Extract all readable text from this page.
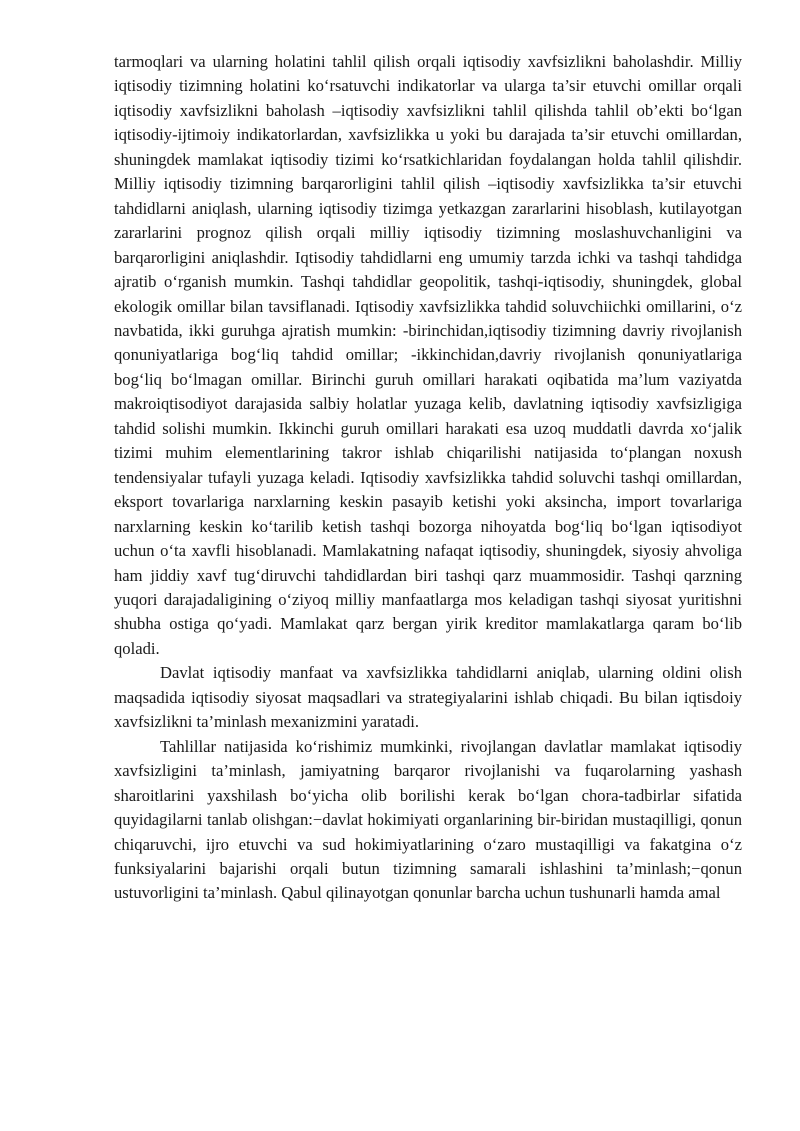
tarmoqlari va ularning holatini tahlil qilish orqali iqtisodiy xavfsizlikni baholashdir. Milliy iqtisodiy tizimning holatini ko‘rsatuvchi indikatorlar va ularga ta’sir etuvchi omillar orqali iqtisodiy xavfsizlikni baholash –iqtisodiy xavfsizlikni tahlil qilishda tahlil ob’ekti bo‘lgan iqtisodiy-ijtimoiy indikatorlardan, xavfsizlikka u yoki bu darajada ta’sir etuvchi omillardan, shuningdek mamlakat iqtisodiy tizimi ko‘rsatkichlaridan foydalangan holda tahlil qilishdir. Milliy iqtisodiy tizimning barqarorligini tahlil qilish –iqtisodiy xavfsizlikka ta’sir etuvchi tahdidlarni aniqlash, ularning iqtisodiy tizimga yetkazgan zararlarini hisoblash, kutilayotgan zararlarini prognoz qilish orqali milliy iqtisodiy tizimning moslashuvchanligini va barqarorligini aniqlashdir. Iqtisodiy tahdidlarni eng umumiy tarzda ichki va tashqi tahdidga ajratib o‘rganish mumkin. Tashqi tahdidlar geopolitik, tashqi-iqtisodiy, shuningdek, global ekologik omillar bilan tavsiflanadi. Iqtisodiy xavfsizlikka tahdid soluvchiichki omillarini, o‘z navbatida, ikki guruhga ajratish mumkin: -birinchidan,iqtisodiy tizimning davriy rivojlanish qonuniyatlariga bog‘liq tahdid omillar; -ikkinchidan,davriy rivojlanish qonuniyatlariga bog‘liq bo‘lmagan omillar. Birinchi guruh omillari harakati oqibatida ma’lum vaziyatda makroiqtisodiyot darajasida salbiy holatlar yuzaga kelib, davlatning iqtisodiy xavfsizligiga tahdid solishi mumkin. Ikkinchi guruh omillari harakati esa uzoq muddatli davrda xo‘jalik tizimi muhim elementlarining takror ishlab chiqarilishi natijasida to‘plangan noxush tendensiyalar tufayli yuzaga keladi. Iqtisodiy xavfsizlikka tahdid soluvchi tashqi omillardan, eksport tovarlariga narxlarning keskin pasayib ketishi yoki aksincha, import tovarlariga narxlarning keskin ko‘tarilib ketish tashqi bozorga nihoyatda bog‘liq bo‘lgan iqtisodiyot uchun o‘ta xavfli hisoblanadi. Mamlakatning nafaqat iqtisodiy, shuningdek, siyosiy ahvoliga ham jiddiy xavf tug‘diruvchi tahdidlardan biri tashqi qarz muammosidir. Tashqi qarzning yuqori darajadaligining o‘ziyoq milliy manfaatlarga mos keladigan tashqi siyosat yuritishni shubha ostiga qo‘yadi. Mamlakat qarz bergan yirik kreditor mamlakatlarga qaram bo‘lib qoladi.

Davlat iqtisodiy manfaat va xavfsizlikka tahdidlarni aniqlab, ularning oldini olish maqsadida iqtisodiy siyosat maqsadlari va strategiyalarini ishlab chiqadi. Bu bilan iqtisdoiy xavfsizlikni ta’minlash mexanizmini yaratadi.

Tahlillar natijasida ko‘rishimiz mumkinki, rivojlangan davlatlar mamlakat iqtisodiy xavfsizligini ta’minlash, jamiyatning barqaror rivojlanishi va fuqarolarning yashash sharoitlarini yaxshilash bo‘yicha olib borilishi kerak bo‘lgan chora-tadbirlar sifatida quyidagilarni tanlab olishgan:−davlat hokimiyati organlarining bir-biridan mustaqilligi, qonun chiqaruvchi, ijro etuvchi va sud hokimiyatlarining o‘zaro mustaqilligi va fakatgina o‘z funksiyalarini bajarishi orqali butun tizimning samarali ishlashini ta’minlash;−qonun ustuvorligini ta’minlash. Qabul qilinayotgan qonunlar barcha uchun tushunarli hamda amal
